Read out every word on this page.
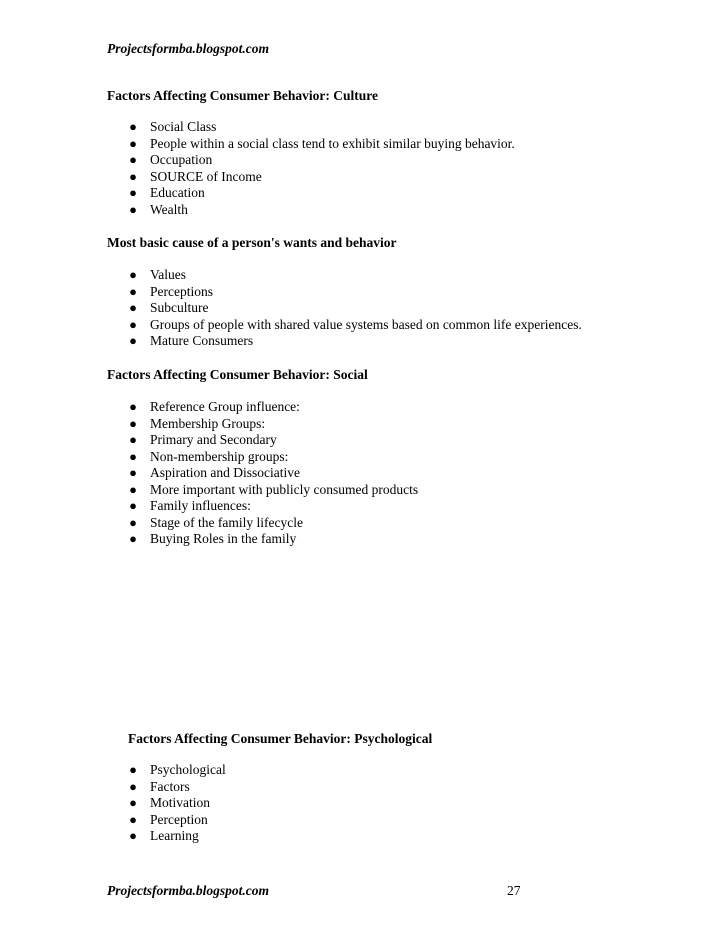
Projectsformba.blogspot.com
Factors Affecting Consumer Behavior: Culture
● Social Class
● People within a social class tend to exhibit similar buying behavior.
● Occupation
● SOURCE of Income
● Education
● Wealth
Most basic cause of a person's wants and behavior
● Values
● Perceptions
● Subculture
● Groups of people with shared value systems based on common life experiences.
● Mature Consumers
Factors Affecting Consumer Behavior: Social
● Reference Group influence:
● Membership Groups:
● Primary and Secondary
● Non-membership groups:
● Aspiration and Dissociative
● More important with publicly consumed products
● Family influences:
● Stage of the family lifecycle
● Buying Roles in the family
Factors Affecting Consumer Behavior: Psychological
● Psychological
● Factors
● Motivation
● Perception
● Learning
Projectsformba.blogspot.com	27
